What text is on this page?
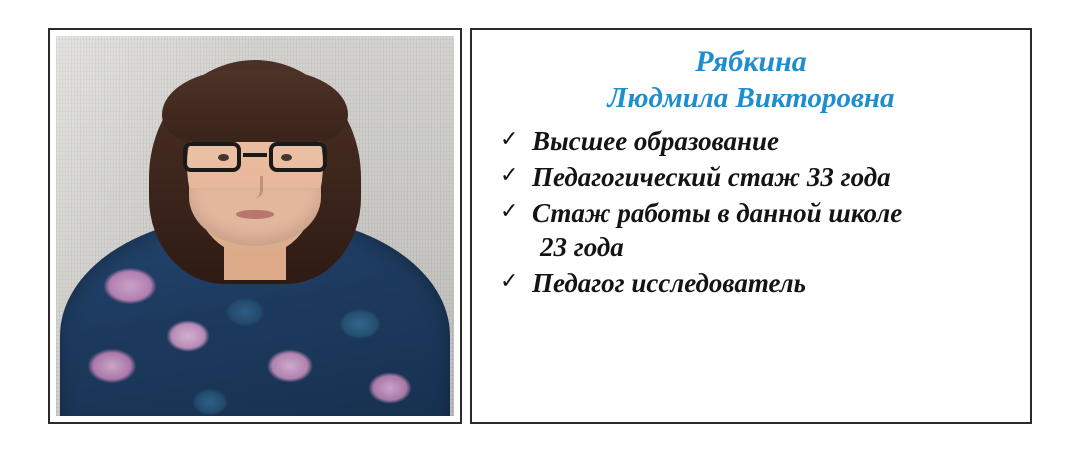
Рябкина
Людмила Викторовна
✓ Высшее образование
✓ Педагогический стаж 33 года
✓ Стаж работы в данной школе
23 года
✓ Педагог исследователь
